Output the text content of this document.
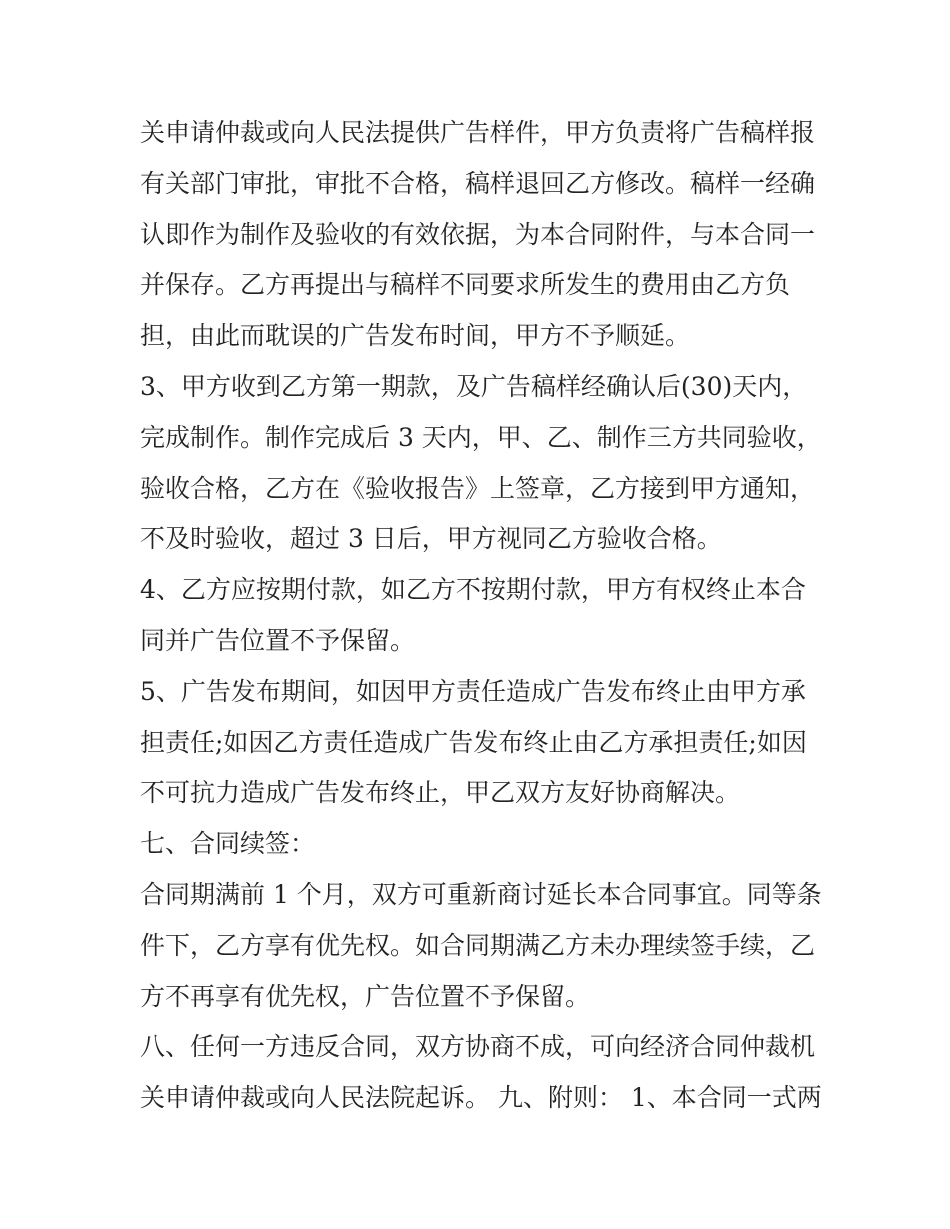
关申请仲裁或向人民法提供广告样件，甲方负责将广告稿样报
有关部门审批，审批不合格，稿样退回乙方修改。稿样一经确
认即作为制作及验收的有效依据，为本合同附件，与本合同一
并保存。乙方再提出与稿样不同要求所发生的费用由乙方负
担，由此而耽误的广告发布时间，甲方不予顺延。
3、甲方收到乙方第一期款，及广告稿样经确认后(30)天内，
完成制作。制作完成后 3 天内，甲、乙、制作三方共同验收，
验收合格，乙方在《验收报告》上签章，乙方接到甲方通知，
不及时验收，超过 3 日后，甲方视同乙方验收合格。
4、乙方应按期付款，如乙方不按期付款，甲方有权终止本合
同并广告位置不予保留。
5、广告发布期间，如因甲方责任造成广告发布终止由甲方承
担责任;如因乙方责任造成广告发布终止由乙方承担责任;如因
不可抗力造成广告发布终止，甲乙双方友好协商解决。
七、合同续签：
合同期满前 1 个月，双方可重新商讨延长本合同事宜。同等条
件下，乙方享有优先权。如合同期满乙方未办理续签手续，乙
方不再享有优先权，广告位置不予保留。
八、任何一方违反合同，双方协商不成，可向经济合同仲裁机
关申请仲裁或向人民法院起诉。 九、附则： 1、本合同一式两
